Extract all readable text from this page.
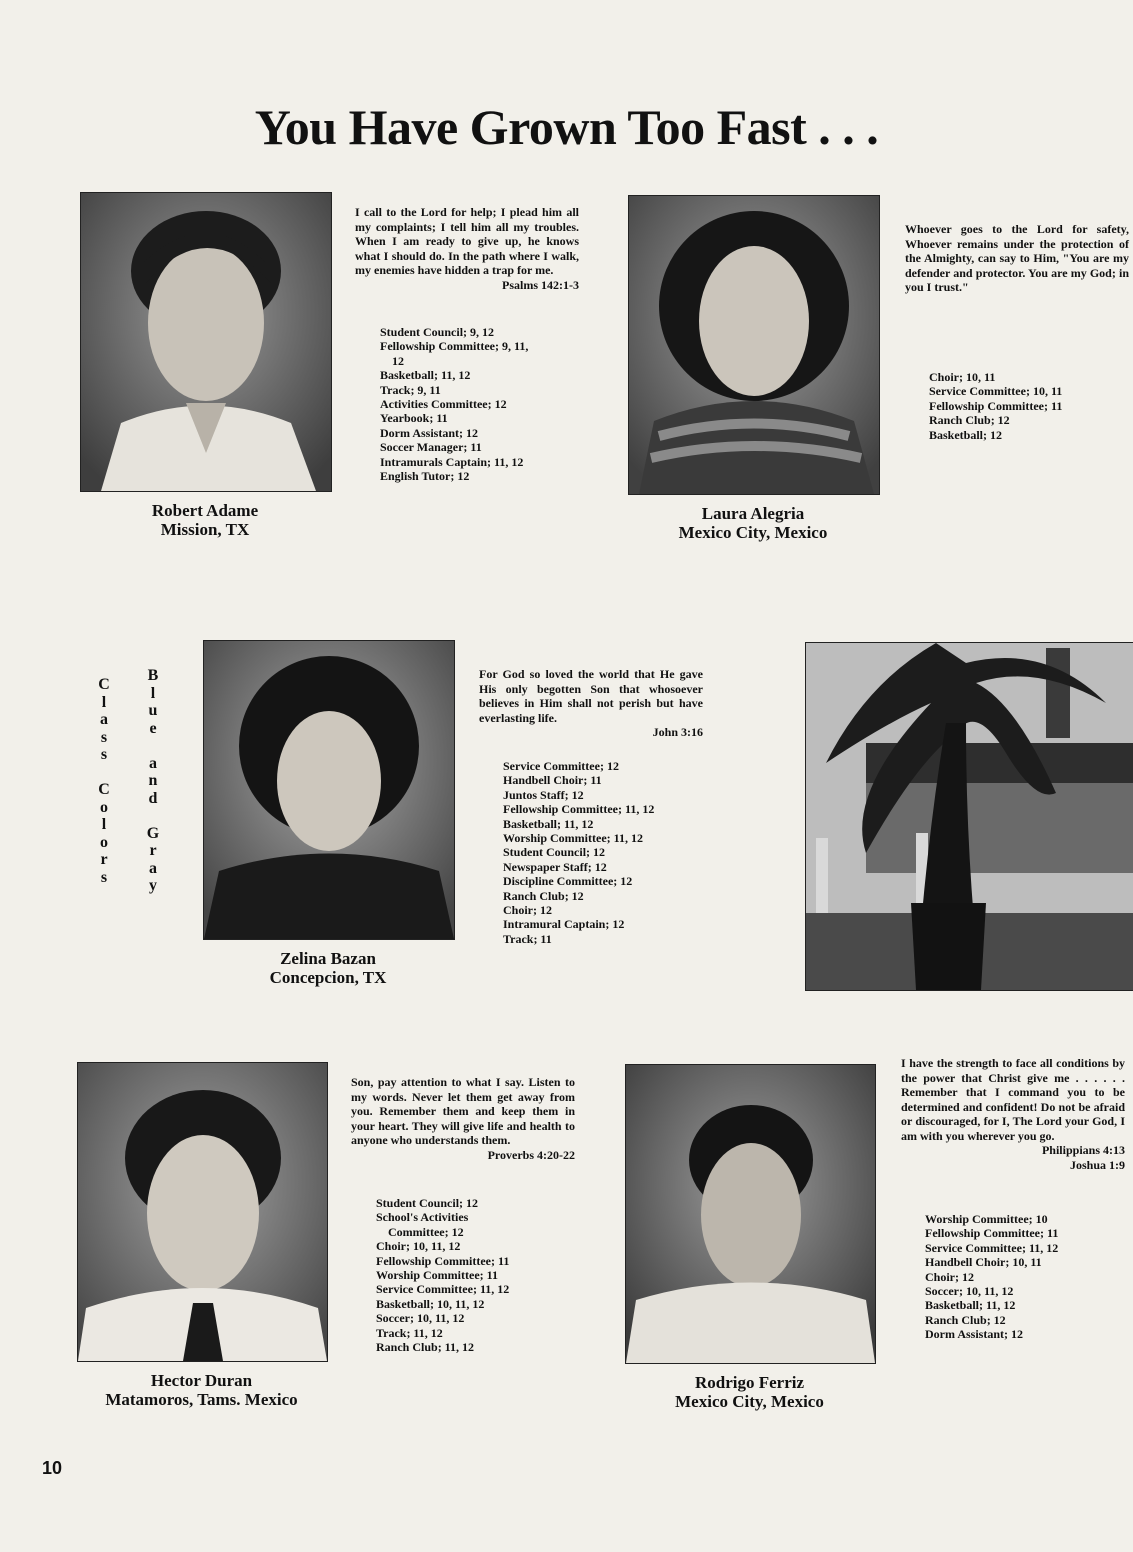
You Have Grown Too Fast . . .
I call to the Lord for help; I plead him all my complaints; I tell him all my troubles. When I am ready to give up, he knows what I should do. In the path where I walk, my enemies have hidden a trap for me.
Psalms 142:1-3
Student Council; 9, 12
Fellowship Committee; 9, 11,
12
Basketball; 11, 12
Track; 9, 11
Activities Committee; 12
Yearbook; 11
Dorm Assistant; 12
Soccer Manager; 11
Intramurals Captain; 11, 12
English Tutor; 12
Robert Adame
Mission, TX
Whoever goes to the Lord for safety, Whoever remains under the protection of the Almighty, can say to Him, "You are my defender and protector. You are my God; in you I trust."
Choir; 10, 11
Service Committee; 10, 11
Fellowship Committee; 11
Ranch Club; 12
Basketball; 12
Laura Alegria
Mexico City, Mexico
C
l
a
s
s

C
o
l
o
r
s
B
l
u
e

a
n
d

G
r
a
y
For God so loved the world that He gave His only begotten Son that whosoever believes in Him shall not perish but have everlasting life.
John 3:16
Service Committee; 12
Handbell Choir; 11
Juntos Staff; 12
Fellowship Committee; 11, 12
Basketball; 11, 12
Worship Committee; 11, 12
Student Council; 12
Newspaper Staff; 12
Discipline Committee; 12
Ranch Club; 12
Choir; 12
Intramural Captain; 12
Track; 11
Zelina Bazan
Concepcion, TX
Son, pay attention to what I say. Listen to my words. Never let them get away from you. Remember them and keep them in your heart. They will give life and health to anyone who understands them.
Proverbs 4:20-22
Student Council; 12
School's Activities
Committee; 12
Choir; 10, 11, 12
Fellowship Committee; 11
Worship Committee; 11
Service Committee; 11, 12
Basketball; 10, 11, 12
Soccer; 10, 11, 12
Track; 11, 12
Ranch Club; 11, 12
Hector Duran
Matamoros, Tams. Mexico
I have the strength to face all conditions by the power that Christ give me . . . . . . Remember that I command you to be determined and confident! Do not be afraid or discouraged, for I, The Lord your God, I am with you wherever you go.
Philippians 4:13
Joshua 1:9
Worship Committee; 10
Fellowship Committee; 11
Service Committee; 11, 12
Handbell Choir; 10, 11
Choir; 12
Soccer; 10, 11, 12
Basketball; 11, 12
Ranch Club; 12
Dorm Assistant; 12
Rodrigo Ferriz
Mexico City, Mexico
10
